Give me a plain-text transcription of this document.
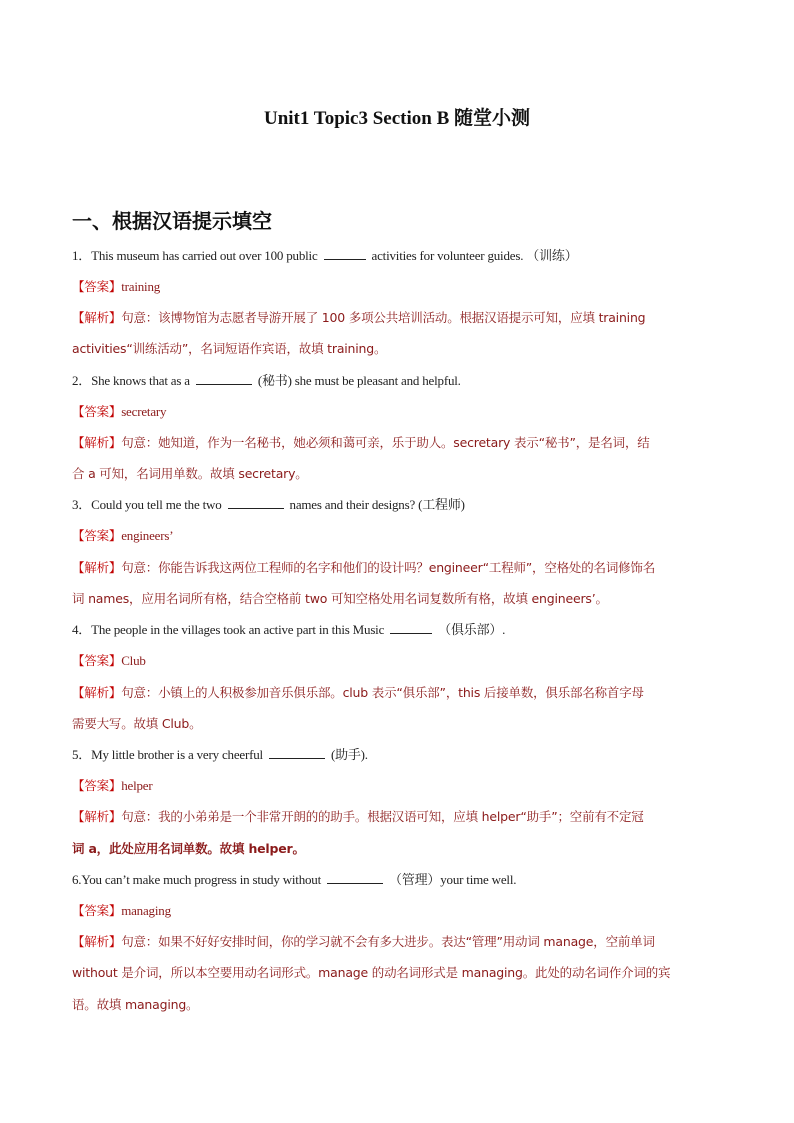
Unit1 Topic3 Section B 随堂小测
一、根据汉语提示填空
1．This museum has carried out over 100 public	activities for volunteer guides. （训练）
【答案】training
【解析】句意：该博物馆为志愿者导游开展了 100 多项公共培训活动。根据汉语提示可知，应填 training
activities“训练活动”，名词短语作宾语，故填 training。
2．She knows that as a	(秘书) she must be pleasant and helpful.
【答案】secretary
【解析】句意：她知道，作为一名秘书，她必须和蔼可亲，乐于助人。secretary 表示“秘书”，是名词，结
合 a 可知，名词用单数。故填 secretary。
3．Could you tell me the two	names and their designs? (工程师)
【答案】engineers’
【解析】句意：你能告诉我这两位工程师的名字和他们的设计吗？engineer“工程师”，空格处的名词修饰名
词 names，应用名词所有格，结合空格前 two 可知空格处用名词复数所有格，故填 engineers’。
4．The people in the villages took an active part in this Music	（俱乐部）.
【答案】Club
【解析】句意：小镇上的人积极参加音乐俱乐部。club 表示“俱乐部”，this 后接单数，俱乐部名称首字母
需要大写。故填 Club。
5．My little brother is a very cheerful	(助手).
【答案】helper
【解析】句意：我的小弟弟是一个非常开朗的的助手。根据汉语可知，应填 helper“助手”；空前有不定冠
词 a，此处应用名词单数。故填 helper。
6.You can’t make much progress in study without	（管理）your time well.
【答案】managing
【解析】句意：如果不好好安排时间，你的学习就不会有多大进步。表达“管理”用动词 manage，空前单词
without 是介词，所以本空要用动名词形式。manage 的动名词形式是 managing。此处的动名词作介词的宾
语。故填 managing。
